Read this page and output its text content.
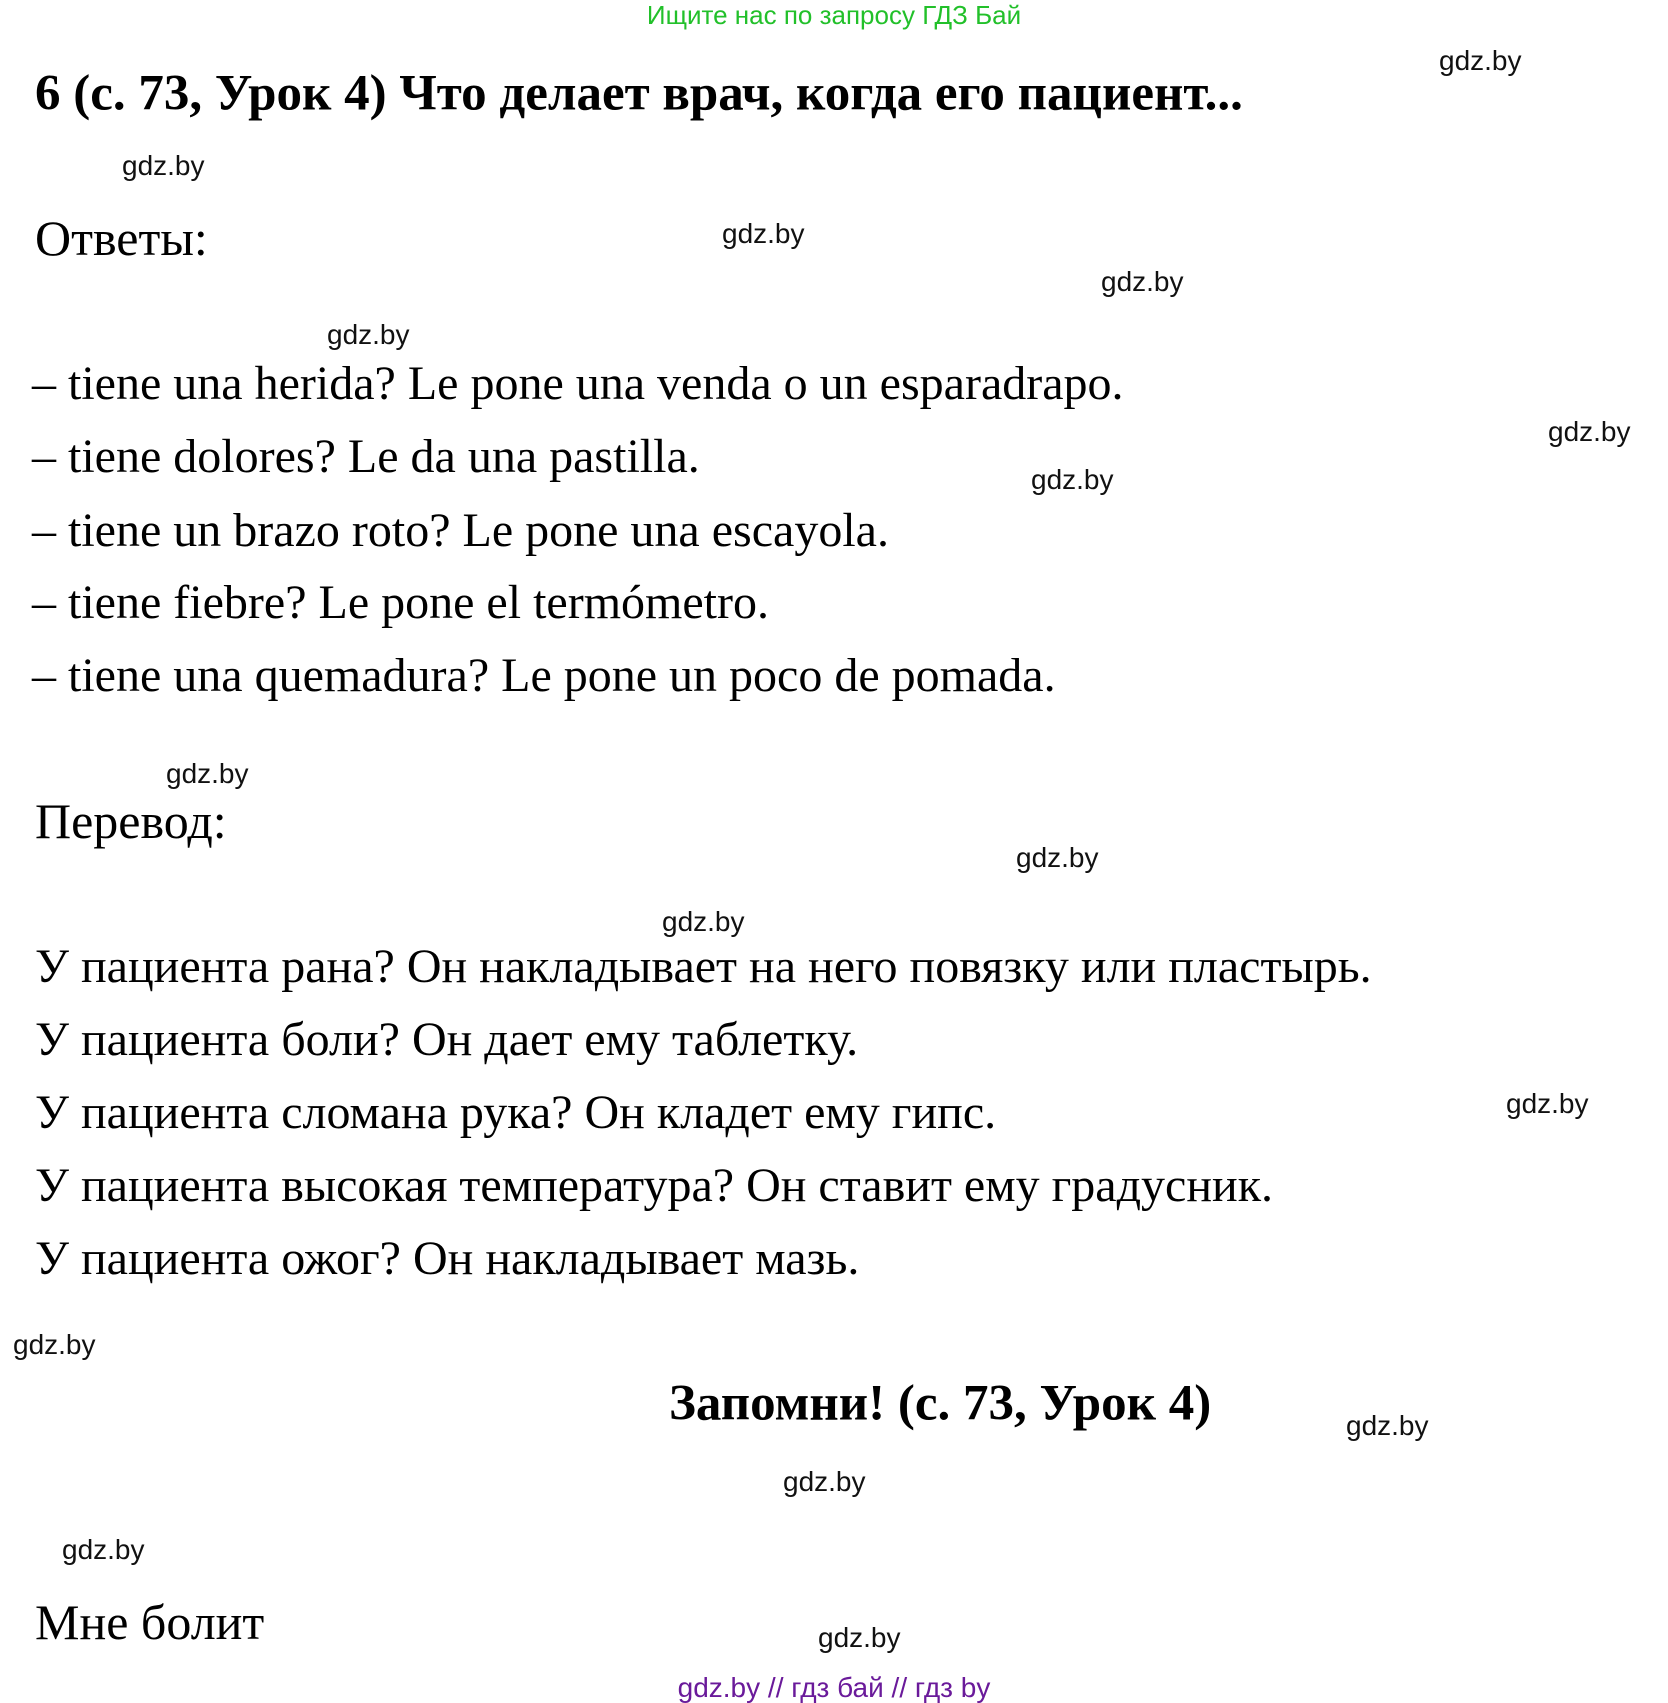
Ищите нас по запросу ГДЗ Бай
6 (с. 73, Урок 4) Что делает врач, когда его пациент...
Ответы:
– tiene una herida? Le pone una venda o un esparadrapo.
– tiene dolores? Le da una pastilla.
– tiene un brazo roto? Le pone una escayola.
– tiene fiebre? Le pone el termómetro.
– tiene una quemadura? Le pone un poco de pomada.
Перевод:
У пациента рана? Он накладывает на него повязку или пластырь.
У пациента боли? Он дает ему таблетку.
У пациента сломана рука? Он кладет ему гипс.
У пациента высокая температура? Он ставит ему градусник.
У пациента ожог? Он накладывает мазь.
Запомни! (с. 73, Урок 4)
Мне болит
gdz.by
gdz.by
gdz.by
gdz.by
gdz.by
gdz.by
gdz.by
gdz.by
gdz.by
gdz.by
gdz.by
gdz.by
gdz.by
gdz.by
gdz.by
gdz.by
gdz.by // гдз бай // гдз by
